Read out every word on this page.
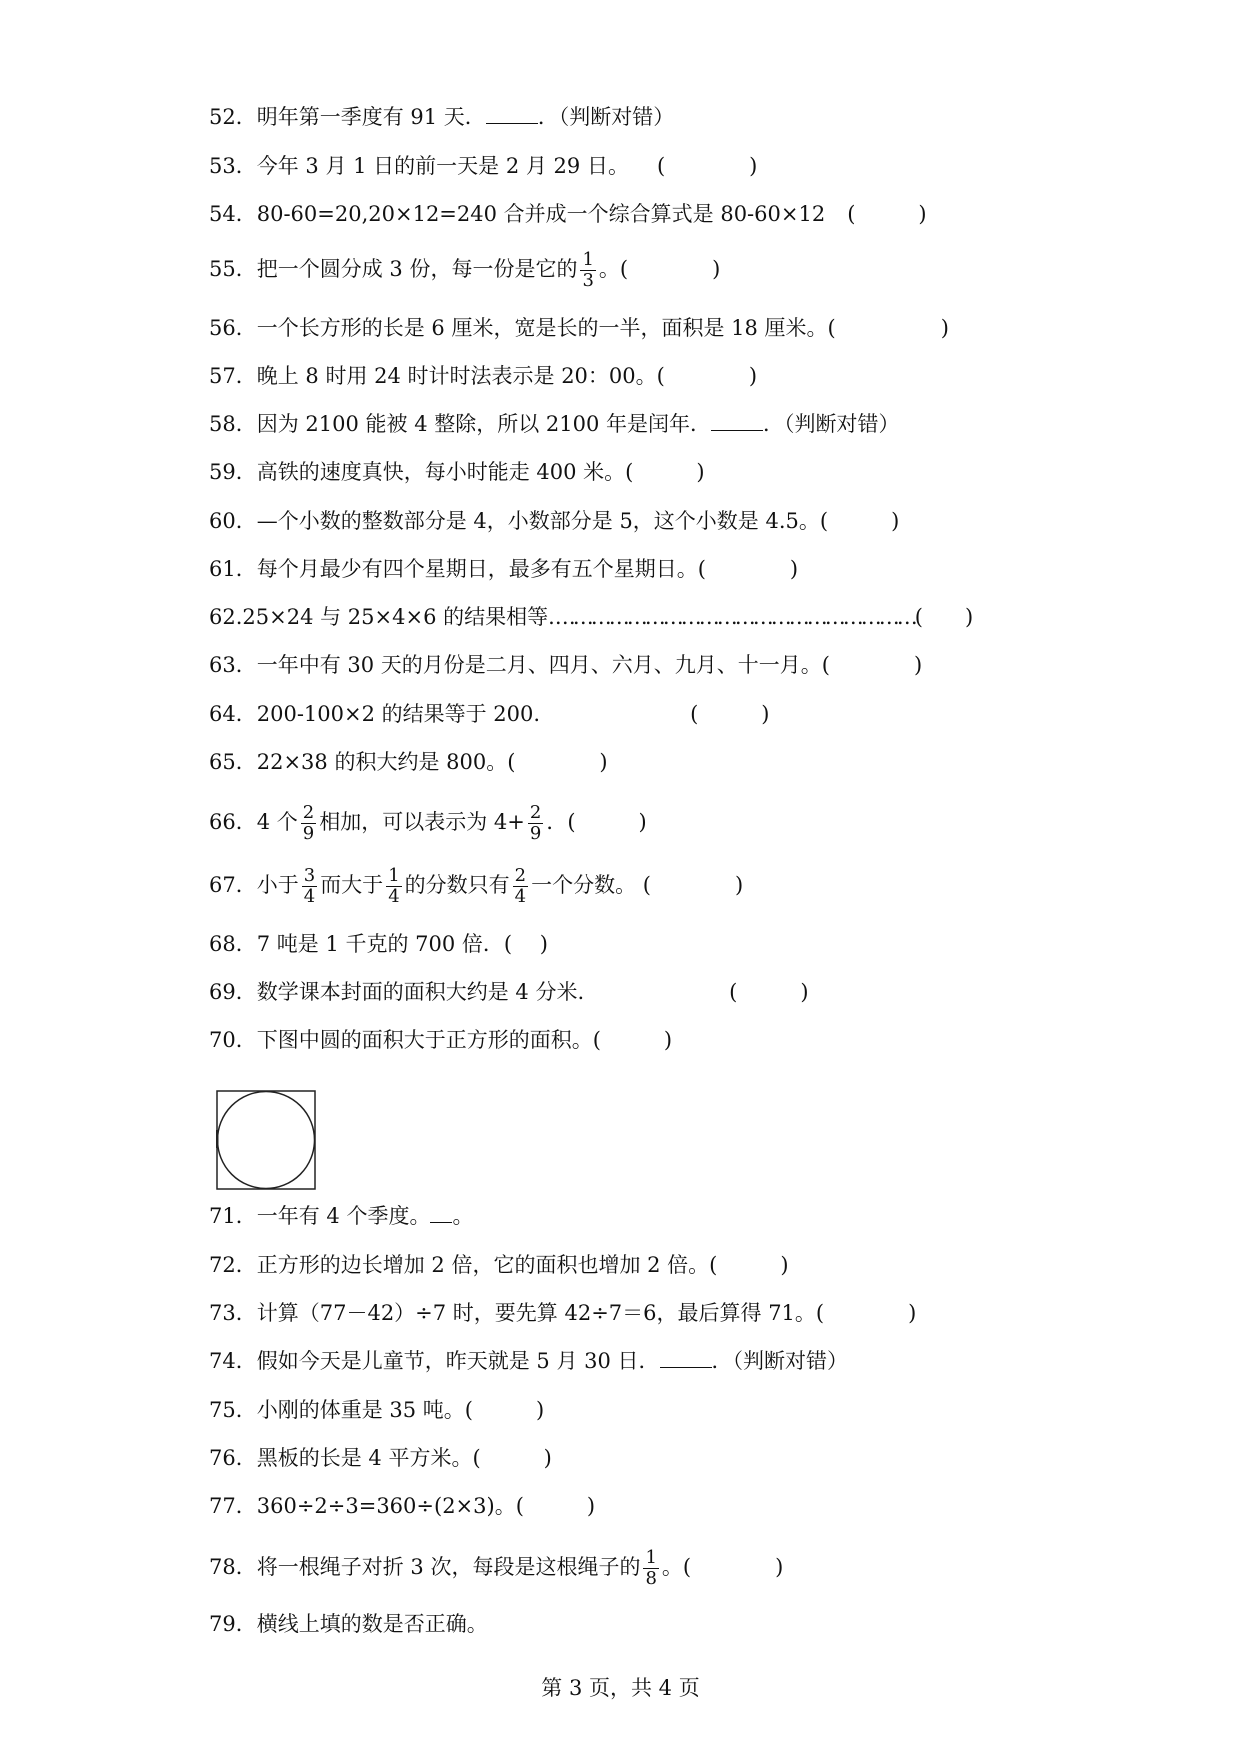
52．明年第一季度有 91 天． ．（判断对错）
53．今年 3 月 1 日的前一天是 2 月 29 日。 (　　　　)
54．80-60=20,20×12=240 合并成一个综合算式是 80-60×12 (　　　)
55．把一个圆分成 3 份，每一份是它的 $\frac{1}{3}$ 。(　　　　)
56．一个长方形的长是 6 厘米，宽是长的一半，面积是 18 厘米。(　　　　　)
57．晚上 8 时用 24 时计时法表示是 20：00。(　　　　)
58．因为 2100 能被 4 整除，所以 2100 年是闰年． ．（判断对错）
59．高铁的速度真快，每小时能走 400 米。(　　　)
60．—个小数的整数部分是 4，小数部分是 5，这个小数是 4.5。(　　　)
61．每个月最少有四个星期日，最多有五个星期日。(　　　　)
62.25×24 与 25×4×6 的结果相等.……………………………………………………(　　)
63．一年中有 30 天的月份是二月、四月、六月、九月、十一月。(　　　　)
64．200-100×2 的结果等于 200.	(　　　)
65．22×38 的积大约是 800。(　　　　)
66．4 个 $\frac{2}{9}$ 相加，可以表示为 $4+ \frac{2}{9}$ ．(　　　)
67．小于 $\frac{3}{4}$ 而大于 $\frac{1}{4}$ 的分数只有 $\frac{2}{4}$ 一个分数。 (　　　　)
68．7 吨是 1 千克的 700 倍．(　 )
69．数学课本封面的面积大约是 4 分米.	(　　　)
70．下图中圆的面积大于正方形的面积。(　　　)
71．一年有 4 个季度。 。
72．正方形的边长增加 2 倍，它的面积也增加 2 倍。(　　　)
73．计算（77－42）÷7 时，要先算 42÷7＝6，最后算得 71。(　　　　)
74．假如今天是儿童节，昨天就是 5 月 30 日． ．（判断对错）
75．小刚的体重是 35 吨。(　　　)
76．黑板的长是 4 平方米。(　　　)
77．360÷2÷3=360÷(2×3)。(　　　)
78．将一根绳子对折 3 次，每段是这根绳子的 $\frac{1}{8}$ 。(　　　　)
79．横线上填的数是否正确。
第 3 页，共 4 页
